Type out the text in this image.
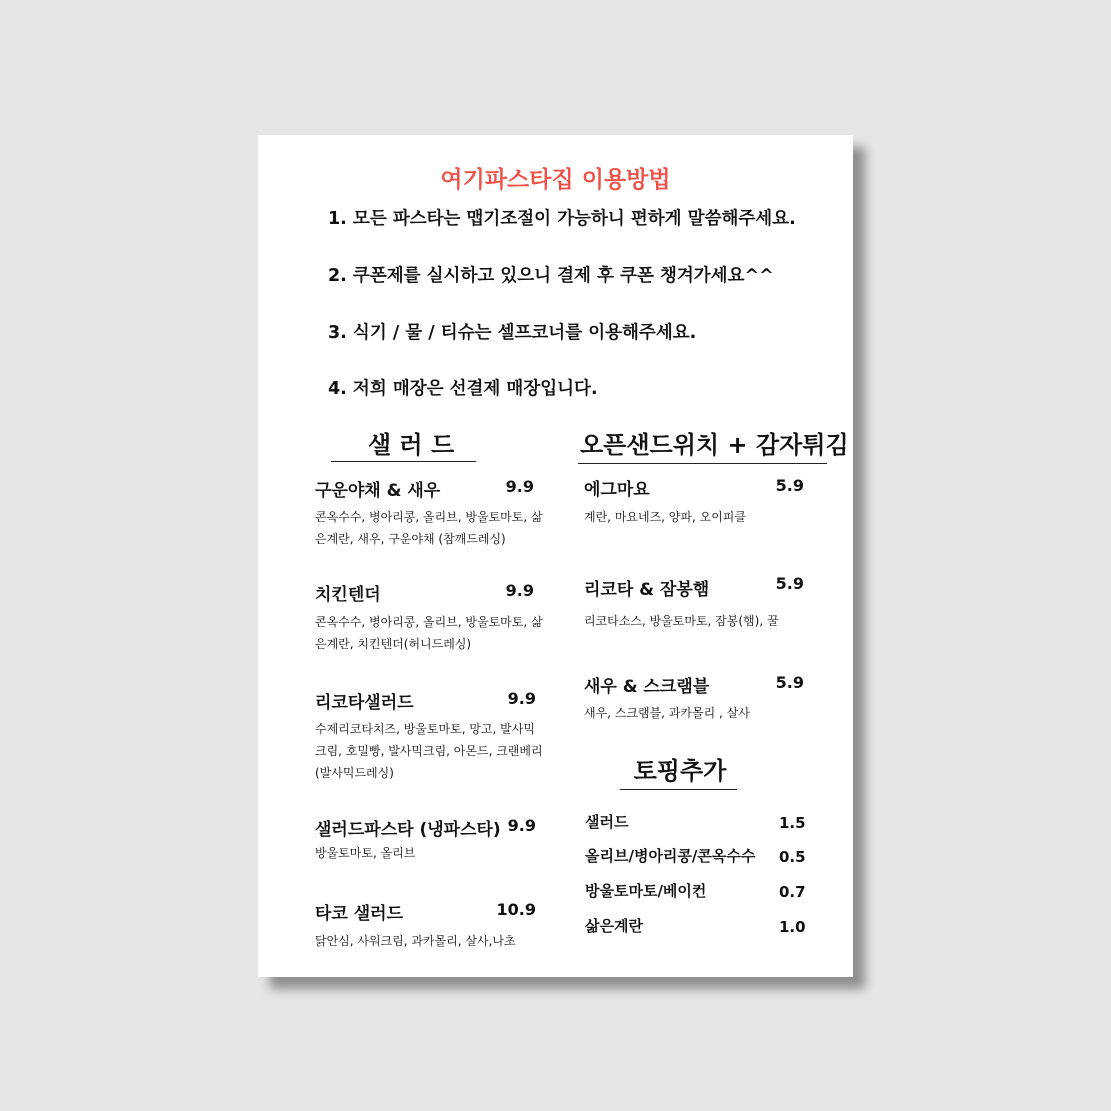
여기파스타집 이용방법
1. 모든 파스타는 맵기조절이 가능하니 편하게 말씀해주세요.
2. 쿠폰제를 실시하고 있으니 결제 후 쿠폰 챙겨가세요^^
3. 식기 / 물 / 티슈는 셀프코너를 이용해주세요.
4. 저희 매장은 선결제 매장입니다.
샐 러 드
구운야채 & 새우	9.9
콘옥수수, 병아리콩, 올리브, 방울토마토, 삶은계란, 새우, 구운야채 (참깨드레싱)
치킨텐더	9.9
콘옥수수, 병아리콩, 올리브, 방울토마토, 삶은계란, 치킨텐더(허니드레싱)
리코타샐러드	9.9
수제리코타치즈, 방울토마토, 망고, 발사믹크림, 호밀빵, 발사믹크림, 아몬드, 크랜베리 (발사믹드레싱)
샐러드파스타 (냉파스타) 9.9
방울토마토, 올리브
타코 샐러드	10.9
닭안심, 사워크림, 과카몰리, 살사,나초
오픈샌드위치 + 감자튀김
에그마요	5.9
계란, 마요네즈, 양파, 오이피클
리코타 & 잠봉햄	5.9
리코타소스, 방울토마토, 잠봉(햄), 꿀
새우 & 스크램블	5.9
새우, 스크램블, 과카몰리 , 살사
토핑추가
샐러드	1.5
올리브/병아리콩/콘옥수수 0.5
방울토마토/베이컨	0.7
삶은계란	1.0
